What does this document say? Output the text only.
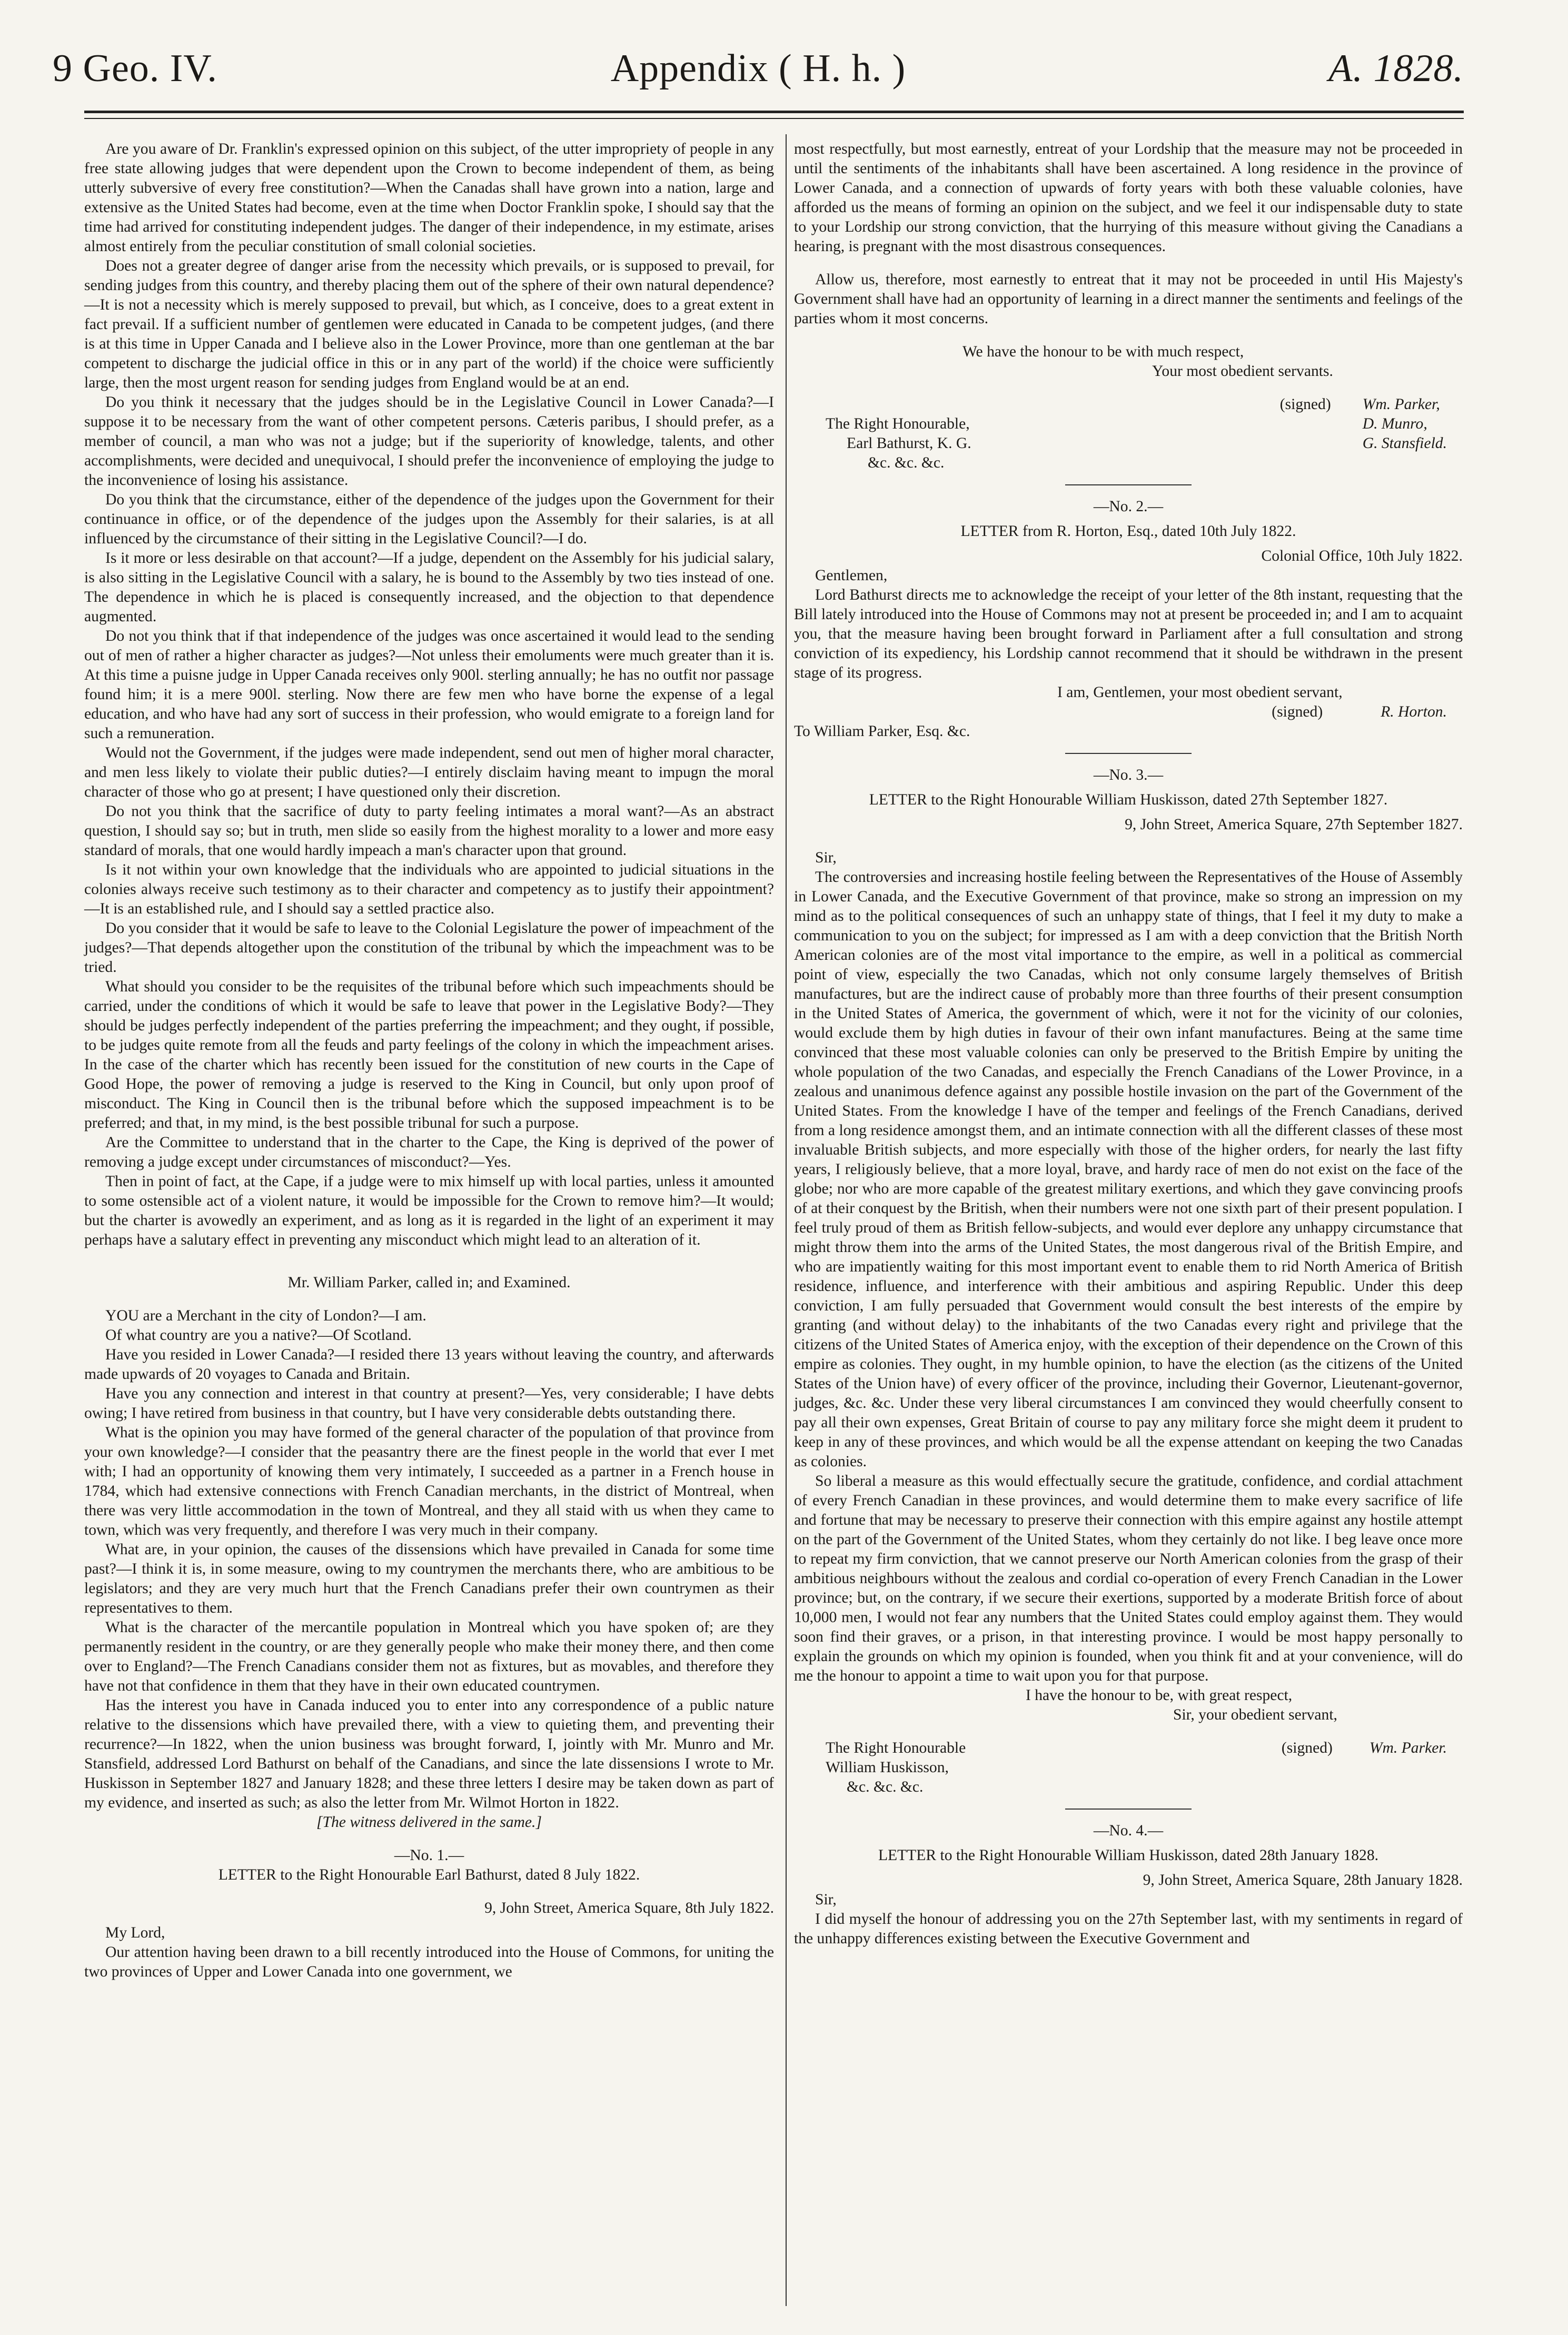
9 Geo. IV.	Appendix ( H. h. )	A. 1828.

Are you aware of Dr. Franklin's expressed opinion on this subject, of the utter impropriety of people in any free state allowing judges that were dependent upon the Crown to become independent of them, as being utterly subversive of every free constitution?—When the Canadas shall have grown into a nation, large and extensive as the United States had become, even at the time when Doctor Franklin spoke, I should say that the time had arrived for constituting independent judges. The danger of their independence, in my estimate, arises almost entirely from the peculiar constitution of small colonial societies.

Does not a greater degree of danger arise from the necessity which prevails, or is supposed to prevail, for sending judges from this country, and thereby placing them out of the sphere of their own natural dependence?—It is not a necessity which is merely supposed to prevail, but which, as I conceive, does to a great extent in fact prevail. If a sufficient number of gentlemen were educated in Canada to be competent judges, (and there is at this time in Upper Canada and I believe also in the Lower Province, more than one gentleman at the bar competent to discharge the judicial office in this or in any part of the world) if the choice were sufficiently large, then the most urgent reason for sending judges from England would be at an end.

Do you think it necessary that the judges should be in the Legislative Council in Lower Canada?—I suppose it to be necessary from the want of other competent persons. Cæteris paribus, I should prefer, as a member of council, a man who was not a judge; but if the superiority of knowledge, talents, and other accomplishments, were decided and unequivocal, I should prefer the inconvenience of employing the judge to the inconvenience of losing his assistance.

Do you think that the circumstance, either of the dependence of the judges upon the Government for their continuance in office, or of the dependence of the judges upon the Assembly for their salaries, is at all influenced by the circumstance of their sitting in the Legislative Council?—I do.

Is it more or less desirable on that account?—If a judge, dependent on the Assembly for his judicial salary, is also sitting in the Legislative Council with a salary, he is bound to the Assembly by two ties instead of one. The dependence in which he is placed is consequently increased, and the objection to that dependence augmented.

Do not you think that if that independence of the judges was once ascertained it would lead to the sending out of men of rather a higher character as judges?—Not unless their emoluments were much greater than it is. At this time a puisne judge in Upper Canada receives only 900l. sterling annually; he has no outfit nor passage found him; it is a mere 900l. sterling. Now there are few men who have borne the expense of a legal education, and who have had any sort of success in their profession, who would emigrate to a foreign land for such a remuneration.

Would not the Government, if the judges were made independent, send out men of higher moral character, and men less likely to violate their public duties?—I entirely disclaim having meant to impugn the moral character of those who go at present; I have questioned only their discretion.

Do not you think that the sacrifice of duty to party feeling intimates a moral want?—As an abstract question, I should say so; but in truth, men slide so easily from the highest morality to a lower and more easy standard of morals, that one would hardly impeach a man's character upon that ground.

Is it not within your own knowledge that the individuals who are appointed to judicial situations in the colonies always receive such testimony as to their character and competency as to justify their appointment?—It is an established rule, and I should say a settled practice also.

Do you consider that it would be safe to leave to the Colonial Legislature the power of impeachment of the judges?—That depends altogether upon the constitution of the tribunal by which the impeachment was to be tried.

What should you consider to be the requisites of the tribunal before which such impeachments should be carried, under the conditions of which it would be safe to leave that power in the Legislative Body?—They should be judges perfectly independent of the parties preferring the impeachment; and they ought, if possible, to be judges quite remote from all the feuds and party feelings of the colony in which the impeachment arises. In the case of the charter which has recently been issued for the constitution of new courts in the Cape of Good Hope, the power of removing a judge is reserved to the King in Council, but only upon proof of misconduct. The King in Council then is the tribunal before which the supposed impeachment is to be preferred; and that, in my mind, is the best possible tribunal for such a purpose.

Are the Committee to understand that in the charter to the Cape, the King is deprived of the power of removing a judge except under circumstances of misconduct?—Yes.

Then in point of fact, at the Cape, if a judge were to mix himself up with local parties, unless it amounted to some ostensible act of a violent nature, it would be impossible for the Crown to remove him?—It would; but the charter is avowedly an experiment, and as long as it is regarded in the light of an experiment it may perhaps have a salutary effect in preventing any misconduct which might lead to an alteration of it.

Mr. William Parker, called in; and Examined.

YOU are a Merchant in the city of London?—I am.

Of what country are you a native?—Of Scotland.

Have you resided in Lower Canada?—I resided there 13 years without leaving the country, and afterwards made upwards of 20 voyages to Canada and Britain.

Have you any connection and interest in that country at present?—Yes, very considerable; I have debts owing; I have retired from business in that country, but I have very considerable debts outstanding there.

What is the opinion you may have formed of the general character of the population of that province from your own knowledge?—I consider that the peasantry there are the finest people in the world that ever I met with; I had an opportunity of knowing them very intimately, I succeeded as a partner in a French house in 1784, which had extensive connections with French Canadian merchants, in the district of Montreal, when there was very little accommodation in the town of Montreal, and they all staid with us when they came to town, which was very frequently, and therefore I was very much in their company.

What are, in your opinion, the causes of the dissensions which have prevailed in Canada for some time past?—I think it is, in some measure, owing to my countrymen the merchants there, who are ambitious to be legislators; and they are very much hurt that the French Canadians prefer their own countrymen as their representatives to them.

What is the character of the mercantile population in Montreal which you have spoken of; are they permanently resident in the country, or are they generally people who make their money there, and then come over to England?—The French Canadians consider them not as fixtures, but as movables, and therefore they have not that confidence in them that they have in their own educated countrymen.

Has the interest you have in Canada induced you to enter into any correspondence of a public nature relative to the dissensions which have prevailed there, with a view to quieting them, and preventing their recurrence?—In 1822, when the union business was brought forward, I, jointly with Mr. Munro and Mr. Stansfield, addressed Lord Bathurst on behalf of the Canadians, and since the late dissensions I wrote to Mr. Huskisson in September 1827 and January 1828; and these three letters I desire may be taken down as part of my evidence, and inserted as such; as also the letter from Mr. Wilmot Horton in 1822.

[The witness delivered in the same.]

—No. 1.—

LETTER to the Right Honourable Earl Bathurst, dated 8 July 1822.

9, John Street, America Square, 8th July 1822.

My Lord,

Our attention having been drawn to a bill recently introduced into the House of Commons, for uniting the two provinces of Upper and Lower Canada into one government, we

most respectfully, but most earnestly, entreat of your Lordship that the measure may not be proceeded in until the sentiments of the inhabitants shall have been ascertained. A long residence in the province of Lower Canada, and a connection of upwards of forty years with both these valuable colonies, have afforded us the means of forming an opinion on the subject, and we feel it our indispensable duty to state to your Lordship our strong conviction, that the hurrying of this measure without giving the Canadians a hearing, is pregnant with the most disastrous consequences.

Allow us, therefore, most earnestly to entreat that it may not be proceeded in until His Majesty's Government shall have had an opportunity of learning in a direct manner the sentiments and feelings of the parties whom it most concerns.

We have the honour to be with much respect,

Your most obedient servants.

The Right Honourable,
Earl Bathurst, K. G.
&c. &c. &c.
(signed) Wm. Parker,
D. Munro,
G. Stansfield.

—No. 2.—

LETTER from R. Horton, Esq., dated 10th July 1822.

Colonial Office, 10th July 1822.

Gentlemen,

Lord Bathurst directs me to acknowledge the receipt of your letter of the 8th instant, requesting that the Bill lately introduced into the House of Commons may not at present be proceeded in; and I am to acquaint you, that the measure having been brought forward in Parliament after a full consultation and strong conviction of its expediency, his Lordship cannot recommend that it should be withdrawn in the present stage of its progress.

I am, Gentlemen, your most obedient servant,

(signed)	R. Horton.

To William Parker, Esq. &c.

—No. 3.—

LETTER to the Right Honourable William Huskisson, dated 27th September 1827.

9, John Street, America Square, 27th September 1827.

Sir,

The controversies and increasing hostile feeling between the Representatives of the House of Assembly in Lower Canada, and the Executive Government of that province, make so strong an impression on my mind as to the political consequences of such an unhappy state of things, that I feel it my duty to make a communication to you on the subject; for impressed as I am with a deep conviction that the British North American colonies are of the most vital importance to the empire, as well in a political as commercial point of view, especially the two Canadas, which not only consume largely themselves of British manufactures, but are the indirect cause of probably more than three fourths of their present consumption in the United States of America, the government of which, were it not for the vicinity of our colonies, would exclude them by high duties in favour of their own infant manufactures. Being at the same time convinced that these most valuable colonies can only be preserved to the British Empire by uniting the whole population of the two Canadas, and especially the French Canadians of the Lower Province, in a zealous and unanimous defence against any possible hostile invasion on the part of the Government of the United States. From the knowledge I have of the temper and feelings of the French Canadians, derived from a long residence amongst them, and an intimate connection with all the different classes of these most invaluable British subjects, and more especially with those of the higher orders, for nearly the last fifty years, I religiously believe, that a more loyal, brave, and hardy race of men do not exist on the face of the globe; nor who are more capable of the greatest military exertions, and which they gave convincing proofs of at their conquest by the British, when their numbers were not one sixth part of their present population. I feel truly proud of them as British fellow-subjects, and would ever deplore any unhappy circumstance that might throw them into the arms of the United States, the most dangerous rival of the British Empire, and who are impatiently waiting for this most important event to enable them to rid North America of British residence, influence, and interference with their ambitious and aspiring Republic. Under this deep conviction, I am fully persuaded that Government would consult the best interests of the empire by granting (and without delay) to the inhabitants of the two Canadas every right and privilege that the citizens of the United States of America enjoy, with the exception of their dependence on the Crown of this empire as colonies. They ought, in my humble opinion, to have the election (as the citizens of the United States of the Union have) of every officer of the province, including their Governor, Lieutenant-governor, judges, &c. &c. Under these very liberal circumstances I am convinced they would cheerfully consent to pay all their own expenses, Great Britain of course to pay any military force she might deem it prudent to keep in any of these provinces, and which would be all the expense attendant on keeping the two Canadas as colonies.

So liberal a measure as this would effectually secure the gratitude, confidence, and cordial attachment of every French Canadian in these provinces, and would determine them to make every sacrifice of life and fortune that may be necessary to preserve their connection with this empire against any hostile attempt on the part of the Government of the United States, whom they certainly do not like. I beg leave once more to repeat my firm conviction, that we cannot preserve our North American colonies from the grasp of their ambitious neighbours without the zealous and cordial co-operation of every French Canadian in the Lower province; but, on the contrary, if we secure their exertions, supported by a moderate British force of about 10,000 men, I would not fear any numbers that the United States could employ against them. They would soon find their graves, or a prison, in that interesting province. I would be most happy personally to explain the grounds on which my opinion is founded, when you think fit and at your convenience, will do me the honour to appoint a time to wait upon you for that purpose.

I have the honour to be, with great respect,

Sir, your obedient servant,

The Right Honourable
William Huskisson,
&c. &c. &c.
(signed) Wm. Parker.

—No. 4.—

LETTER to the Right Honourable William Huskisson, dated 28th January 1828.

9, John Street, America Square, 28th January 1828.

Sir,

I did myself the honour of addressing you on the 27th September last, with my sentiments in regard of the unhappy differences existing between the Executive Government and
